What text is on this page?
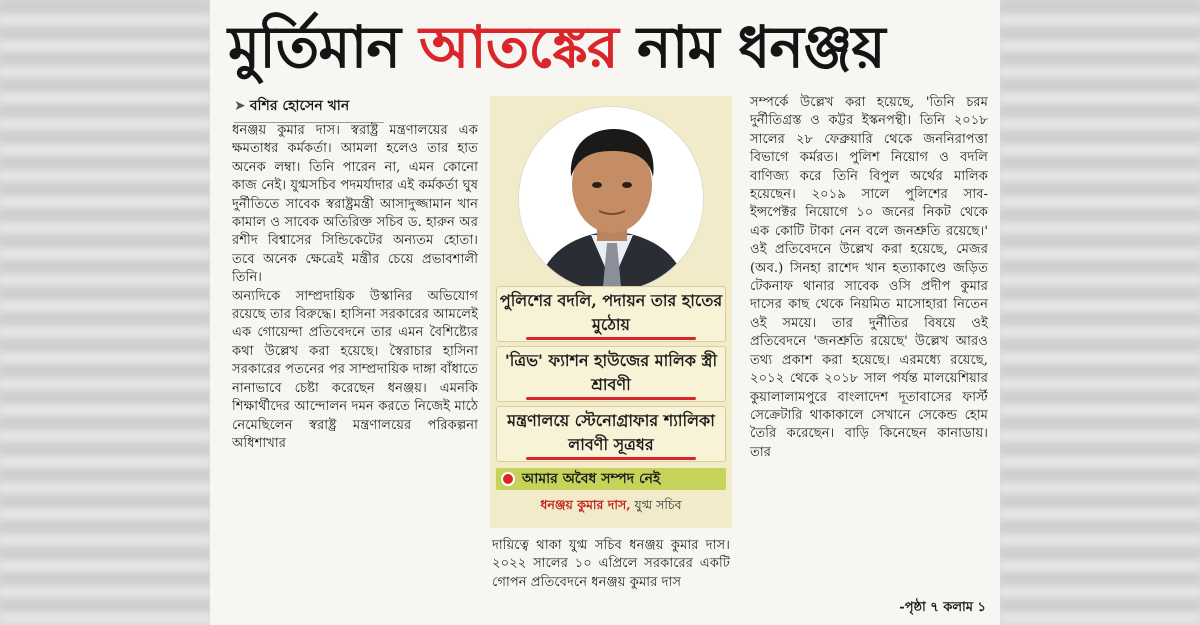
মুর্তিমান আতঙ্কের নাম ধনঞ্জয়
➤ বশির হোসেন খান

ধনঞ্জয় কুমার দাস। স্বরাষ্ট্র মন্ত্রণালয়ের এক ক্ষমতাধর কর্মকর্তা। আমলা হলেও তার হাত অনেক লম্বা। তিনি পারেন না, এমন কোনো কাজ নেই। যুগ্মসচিব পদমর্যাদার এই কর্মকর্তা ঘুষ দুর্নীতিতে সাবেক স্বরাষ্ট্রমন্ত্রী আসাদুজ্জামান খান কামাল ও সাবেক অতিরিক্ত সচিব ড. হারুন অর রশীদ বিশ্বাসের সিন্ডিকেটের অন্যতম হোতা। তবে অনেক ক্ষেত্রেই মন্ত্রীর চেয়ে প্রভাবশালী তিনি।

অন্যদিকে সাম্প্রদায়িক উস্কানির অভিযোগ রয়েছে তার বিরুদ্ধে। হাসিনা সরকারের আমলেই এক গোয়েন্দা প্রতিবেদনে তার এমন বৈশিষ্ট্যের কথা উল্লেখ করা হয়েছে। স্বৈরাচার হাসিনা সরকারের পতনের পর সাম্প্রদায়িক দাঙ্গা বাঁধাতে নানাভাবে চেষ্টা করেছেন ধনঞ্জয়। এমনকি শিক্ষার্থীদের আন্দোলন দমন করতে নিজেই মাঠে নেমেছিলেন স্বরাষ্ট্র মন্ত্রণালয়ের পরিকল্পনা অধিশাখার

পুলিশের বদলি, পদায়ন তার হাতের মুঠোয়
'ত্রিভ' ফ্যাশন হাউজের মালিক স্ত্রী শ্রাবণী
মন্ত্রণালয়ে স্টেনোগ্রাফার শ্যালিকা লাবণী সূত্রধর
আমার অবৈধ সম্পদ নেই
ধনঞ্জয় কুমার দাস, যুগ্ম সচিব

দায়িত্বে থাকা যুগ্ম সচিব ধনঞ্জয় কুমার দাস। ২০২২ সালের ১০ এপ্রিলে সরকারের একটি গোপন প্রতিবেদনে ধনঞ্জয় কুমার দাস

সম্পর্কে উল্লেখ করা হয়েছে, 'তিনি চরম দুর্নীতিগ্রস্ত ও কট্টর ইস্কনপন্থী। তিনি ২০১৮ সালের ২৮ ফেব্রুয়ারি থেকে জননিরাপত্তা বিভাগে কর্মরত। পুলিশ নিয়োগ ও বদলি বাণিজ্য করে তিনি বিপুল অর্থের মালিক হয়েছেন। ২০১৯ সালে পুলিশের সাব-ইন্সপেক্টর নিয়োগে ১০ জনের নিকট থেকে এক কোটি টাকা নেন বলে জনশ্রুতি রয়েছে।' ওই প্রতিবেদনে উল্লেখ করা হয়েছে, মেজর (অব.) সিনহা রাশেদ খান হত্যাকাণ্ডে জড়িত টেকনাফ থানার সাবেক ওসি প্রদীপ কুমার দাসের কাছ থেকে নিয়মিত মাসোহারা নিতেন ওই সময়ে। তার দুর্নীতির বিষয়ে ওই প্রতিবেদনে 'জনশ্রুতি রয়েছে' উল্লেখ আরও তথ্য প্রকাশ করা হয়েছে। এরমধ্যে রয়েছে, ২০১২ থেকে ২০১৮ সাল পর্যন্ত মালয়েশিয়ার কুয়ালালামপুরে বাংলাদেশ দূতাবাসের ফার্স্ট সেক্রেটারি থাকাকালে সেখানে সেকেন্ড হোম তৈরি করেছেন। বাড়ি কিনেছেন কানাডায়। তার

-পৃষ্ঠা ৭ কলাম ১
